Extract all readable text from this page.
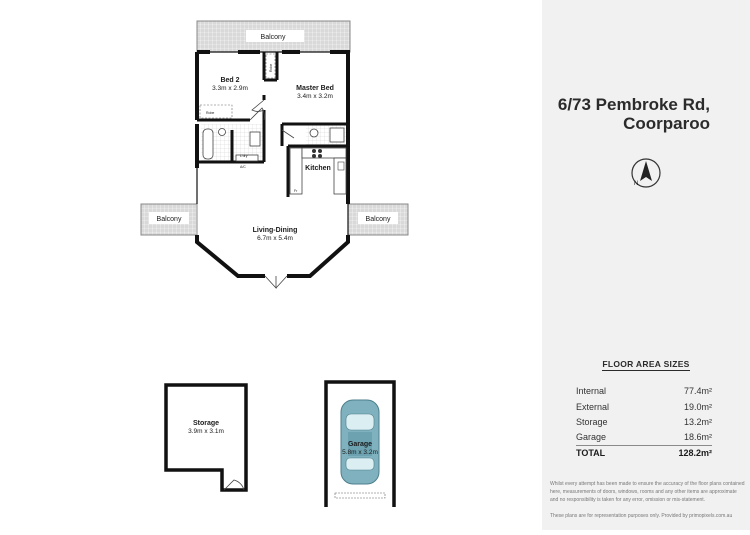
Balcony
Balcony	Balcony
Bed 2
3.3m x 2.9m	Master Bed
3.4m x 3.2m
Kitchen
Living-Dining
6.7m x 5.4m
Robe
Robe
L'dry
A/C
Fr
Storage
3.9m x 3.1m
Garage
5.8m x 3.2m
6/73 Pembroke Rd,
Coorparoo
N
FLOOR AREA SIZES
Internal	77.4m²
External	19.0m²
Storage	13.2m²
Garage	18.6m²
TOTAL	128.2m²
Whilst every attempt has been made to ensure the accuracy of the floor plans contained here, measurements of doors, windows, rooms and any other items are approximate and no responsibility is taken for any error, omission or mis-statement.
These plans are for representation purposes only. Provided by primopixels.com.au
